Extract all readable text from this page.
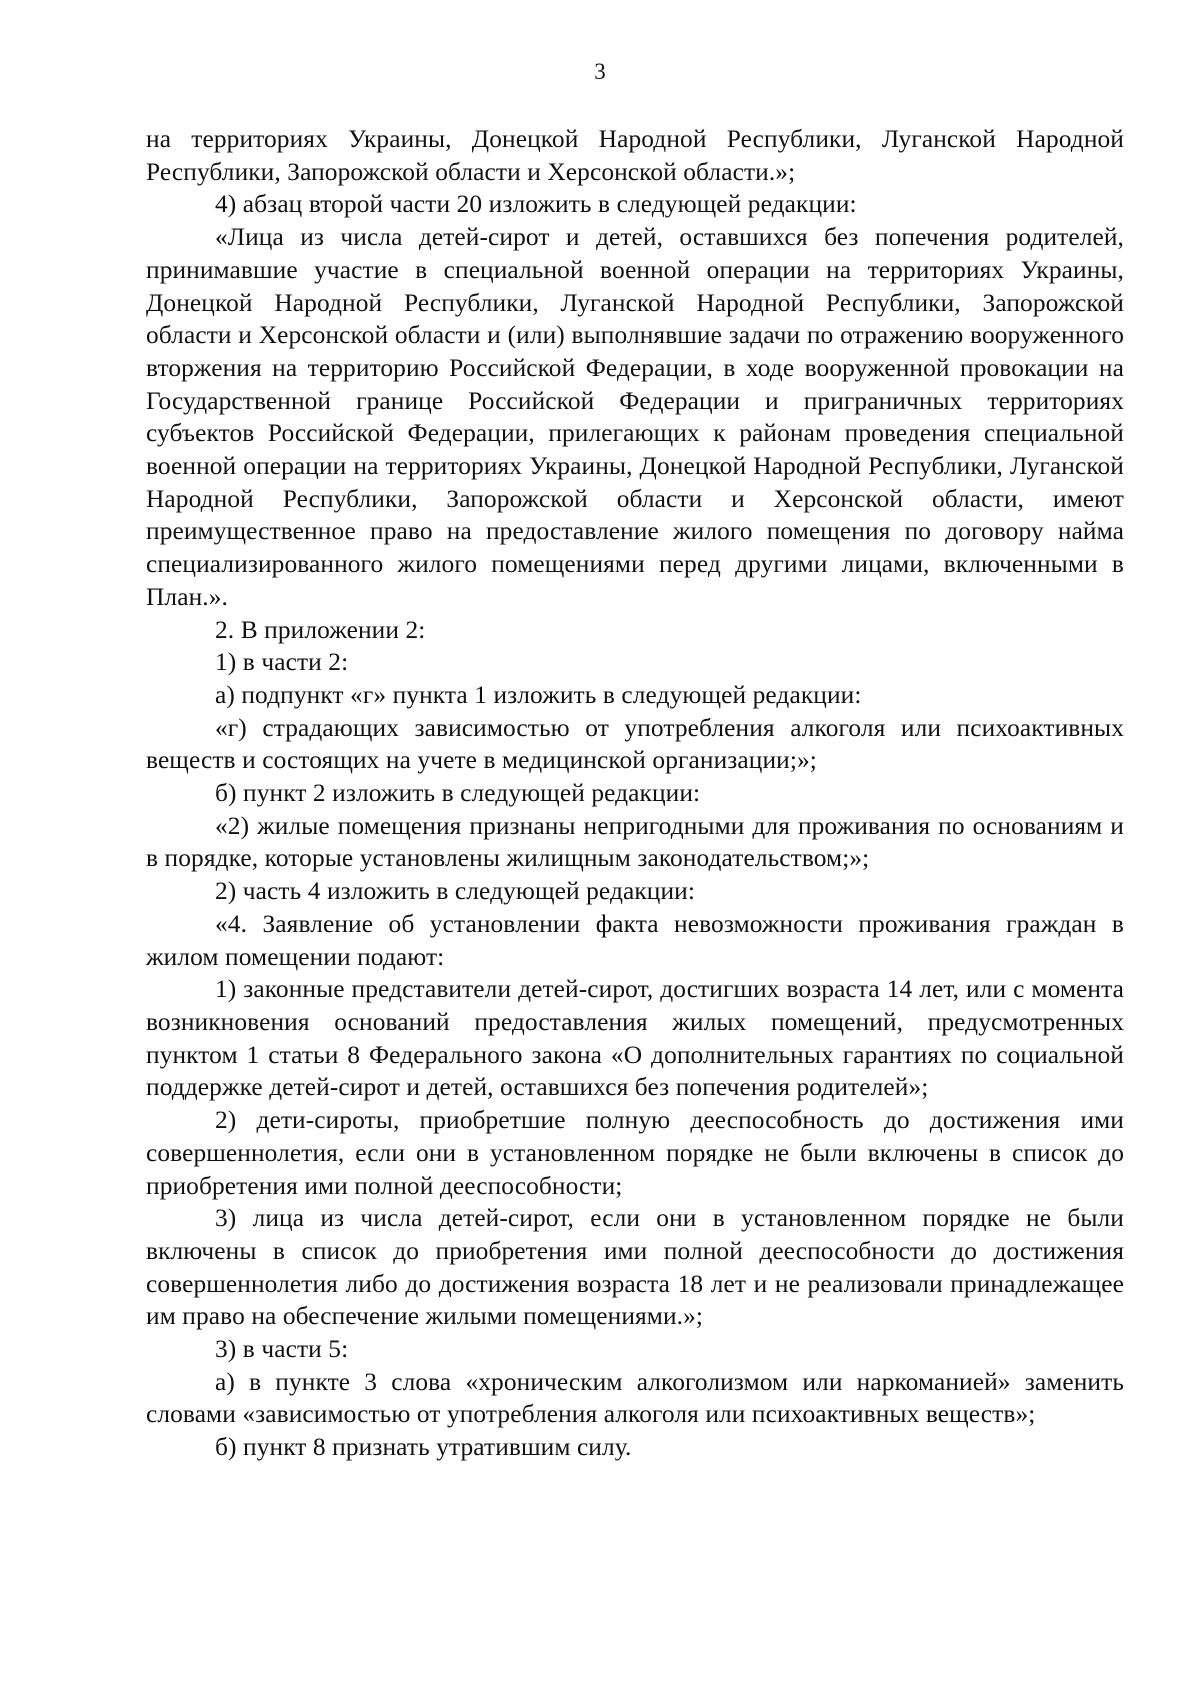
3

на территориях Украины, Донецкой Народной Республики, Луганской Народной Республики, Запорожской области и Херсонской области.»;

4) абзац второй части 20 изложить в следующей редакции:

«Лица из числа детей-сирот и детей, оставшихся без попечения родителей, принимавшие участие в специальной военной операции на территориях Украины, Донецкой Народной Республики, Луганской Народной Республики, Запорожской области и Херсонской области и (или) выполнявшие задачи по отражению вооруженного вторжения на территорию Российской Федерации, в ходе вооруженной провокации на Государственной границе Российской Федерации и приграничных территориях субъектов Российской Федерации, прилегающих к районам проведения специальной военной операции на территориях Украины, Донецкой Народной Республики, Луганской Народной Республики, Запорожской области и Херсонской области, имеют преимущественное право на предоставление жилого помещения по договору найма специализированного жилого помещениями перед другими лицами, включенными в План.».

2. В приложении 2:

1) в части 2:

а) подпункт «г» пункта 1 изложить в следующей редакции:

«г) страдающих зависимостью от употребления алкоголя или психоактивных веществ и состоящих на учете в медицинской организации;»;

б) пункт 2 изложить в следующей редакции:

«2) жилые помещения признаны непригодными для проживания по основаниям и в порядке, которые установлены жилищным законодательством;»;

2) часть 4 изложить в следующей редакции:

«4. Заявление об установлении факта невозможности проживания граждан в жилом помещении подают:

1) законные представители детей-сирот, достигших возраста 14 лет, или с момента возникновения оснований предоставления жилых помещений, предусмотренных пунктом 1 статьи 8 Федерального закона «О дополнительных гарантиях по социальной поддержке детей-сирот и детей, оставшихся без попечения родителей»;

2) дети-сироты, приобретшие полную дееспособность до достижения ими совершеннолетия, если они в установленном порядке не были включены в список до приобретения ими полной дееспособности;

3) лица из числа детей-сирот, если они в установленном порядке не были включены в список до приобретения ими полной дееспособности до достижения совершеннолетия либо до достижения возраста 18 лет и не реализовали принадлежащее им право на обеспечение жилыми помещениями.»;

3) в части 5:

а) в пункте 3 слова «хроническим алкоголизмом или наркоманией» заменить словами «зависимостью от употребления алкоголя или психоактивных веществ»;

б) пункт 8 признать утратившим силу.
